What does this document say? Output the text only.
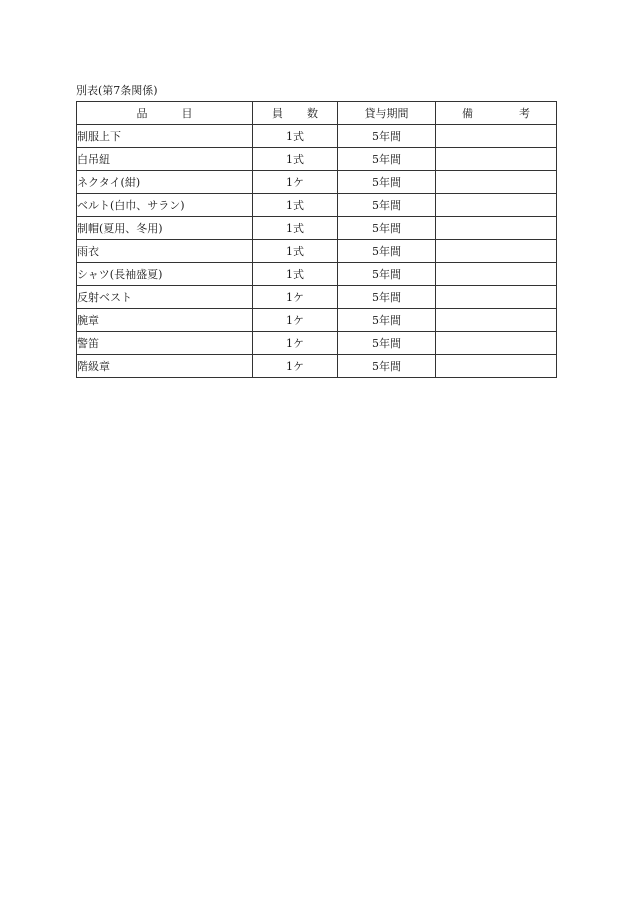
別表(第7条関係)
品 目	員 数	貸与期間	備 考

制服上下	1式	5年間	
白吊紐	1式	5年間	
ネクタイ(紺)	1ケ	5年間	
ベルト(白巾、サラン)	1式	5年間	
制帽(夏用、冬用)	1式	5年間	
雨衣	1式	5年間	
シャツ(長袖盛夏)	1式	5年間	
反射ベスト	1ケ	5年間	
腕章	1ケ	5年間	
警笛	1ケ	5年間	
階級章	1ケ	5年間	
